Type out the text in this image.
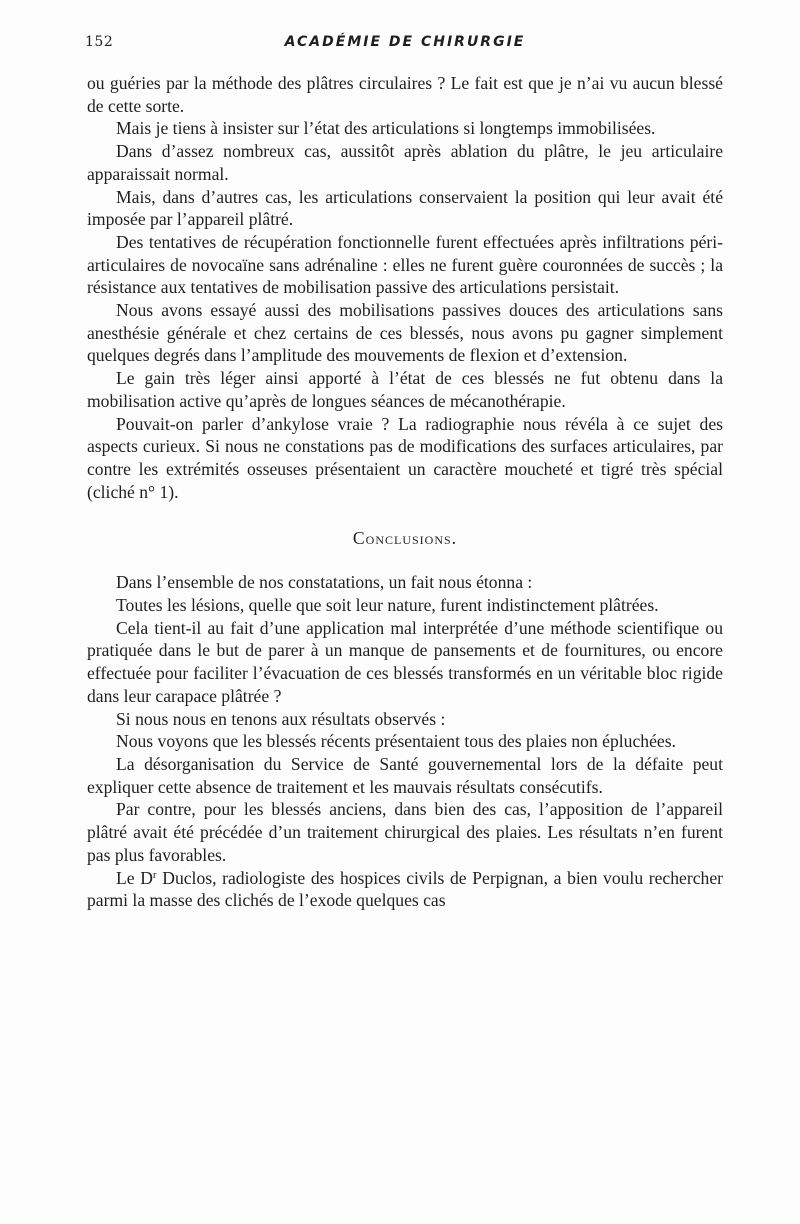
152	ACADÉMIE DE CHIRURGIE

ou guéries par la méthode des plâtres circulaires ? Le fait est que je n’ai vu aucun blessé de cette sorte.

Mais je tiens à insister sur l’état des articulations si longtemps immobilisées.

Dans d’assez nombreux cas, aussitôt après ablation du plâtre, le jeu articulaire apparaissait normal.

Mais, dans d’autres cas, les articulations conservaient la position qui leur avait été imposée par l’appareil plâtré.

Des tentatives de récupération fonctionnelle furent effectuées après infiltrations péri-articulaires de novocaïne sans adrénaline : elles ne furent guère couronnées de succès ; la résistance aux tentatives de mobilisation passive des articulations persistait.

Nous avons essayé aussi des mobilisations passives douces des articulations sans anesthésie générale et chez certains de ces blessés, nous avons pu gagner simplement quelques degrés dans l’amplitude des mouvements de flexion et d’extension.

Le gain très léger ainsi apporté à l’état de ces blessés ne fut obtenu dans la mobilisation active qu’après de longues séances de mécanothérapie.

Pouvait-on parler d’ankylose vraie ? La radiographie nous révéla à ce sujet des aspects curieux. Si nous ne constations pas de modifications des surfaces articulaires, par contre les extrémités osseuses présentaient un caractère moucheté et tigré très spécial (cliché n° 1).

Conclusions.

Dans l’ensemble de nos constatations, un fait nous étonna :

Toutes les lésions, quelle que soit leur nature, furent indistinctement plâtrées.

Cela tient-il au fait d’une application mal interprétée d’une méthode scientifique ou pratiquée dans le but de parer à un manque de pansements et de fournitures, ou encore effectuée pour faciliter l’évacuation de ces blessés transformés en un véritable bloc rigide dans leur carapace plâtrée ?

Si nous nous en tenons aux résultats observés :

Nous voyons que les blessés récents présentaient tous des plaies non épluchées.

La désorganisation du Service de Santé gouvernemental lors de la défaite peut expliquer cette absence de traitement et les mauvais résultats consécutifs.

Par contre, pour les blessés anciens, dans bien des cas, l’apposition de l’appareil plâtré avait été précédée d’un traitement chirurgical des plaies. Les résultats n’en furent pas plus favorables.

Le $D^r$ Duclos, radiologiste des hospices civils de Perpignan, a bien voulu rechercher parmi la masse des clichés de l’exode quelques cas
